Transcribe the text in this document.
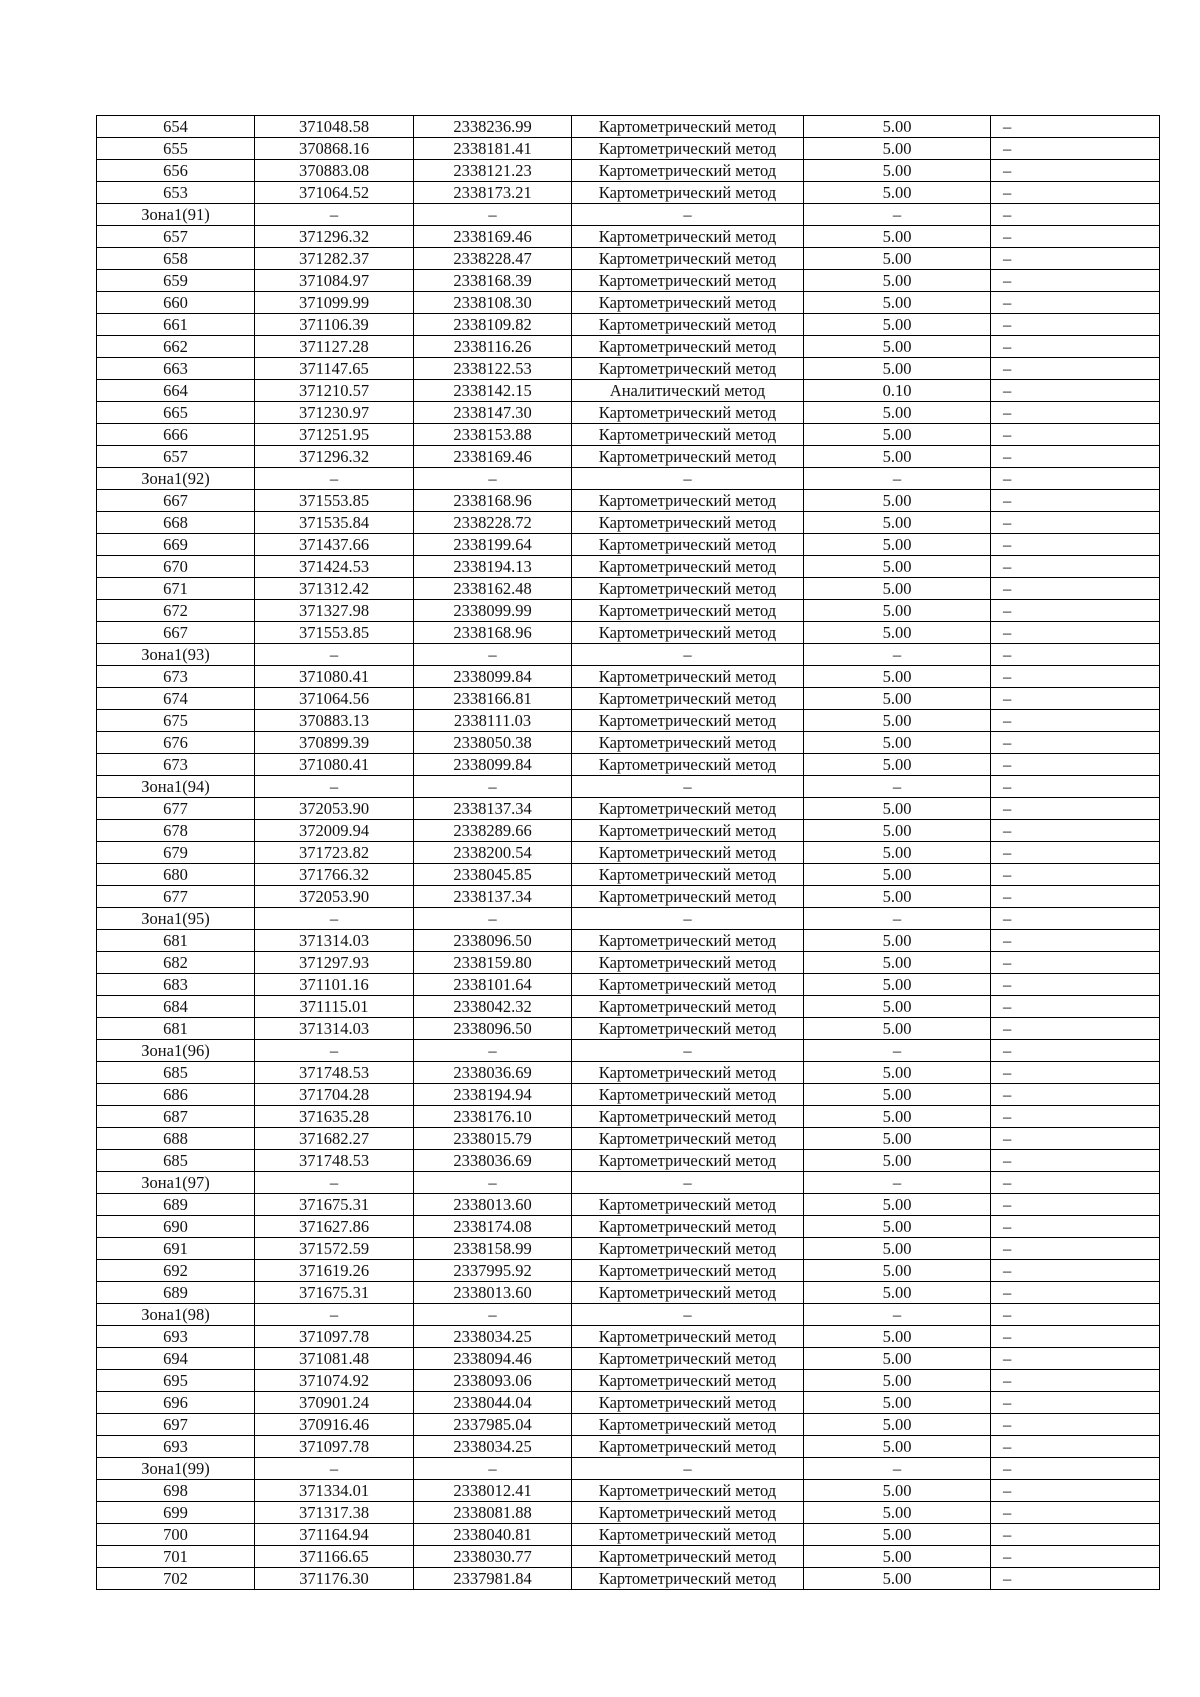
654	371048.58	2338236.99	Картометрический метод	5.00	–
655	370868.16	2338181.41	Картометрический метод	5.00	–
656	370883.08	2338121.23	Картометрический метод	5.00	–
653	371064.52	2338173.21	Картометрический метод	5.00	–
Зона1(91)	–	–	–	–	–
657	371296.32	2338169.46	Картометрический метод	5.00	–
658	371282.37	2338228.47	Картометрический метод	5.00	–
659	371084.97	2338168.39	Картометрический метод	5.00	–
660	371099.99	2338108.30	Картометрический метод	5.00	–
661	371106.39	2338109.82	Картометрический метод	5.00	–
662	371127.28	2338116.26	Картометрический метод	5.00	–
663	371147.65	2338122.53	Картометрический метод	5.00	–
664	371210.57	2338142.15	Аналитический метод	0.10	–
665	371230.97	2338147.30	Картометрический метод	5.00	–
666	371251.95	2338153.88	Картометрический метод	5.00	–
657	371296.32	2338169.46	Картометрический метод	5.00	–
Зона1(92)	–	–	–	–	–
667	371553.85	2338168.96	Картометрический метод	5.00	–
668	371535.84	2338228.72	Картометрический метод	5.00	–
669	371437.66	2338199.64	Картометрический метод	5.00	–
670	371424.53	2338194.13	Картометрический метод	5.00	–
671	371312.42	2338162.48	Картометрический метод	5.00	–
672	371327.98	2338099.99	Картометрический метод	5.00	–
667	371553.85	2338168.96	Картометрический метод	5.00	–
Зона1(93)	–	–	–	–	–
673	371080.41	2338099.84	Картометрический метод	5.00	–
674	371064.56	2338166.81	Картометрический метод	5.00	–
675	370883.13	2338111.03	Картометрический метод	5.00	–
676	370899.39	2338050.38	Картометрический метод	5.00	–
673	371080.41	2338099.84	Картометрический метод	5.00	–
Зона1(94)	–	–	–	–	–
677	372053.90	2338137.34	Картометрический метод	5.00	–
678	372009.94	2338289.66	Картометрический метод	5.00	–
679	371723.82	2338200.54	Картометрический метод	5.00	–
680	371766.32	2338045.85	Картометрический метод	5.00	–
677	372053.90	2338137.34	Картометрический метод	5.00	–
Зона1(95)	–	–	–	–	–
681	371314.03	2338096.50	Картометрический метод	5.00	–
682	371297.93	2338159.80	Картометрический метод	5.00	–
683	371101.16	2338101.64	Картометрический метод	5.00	–
684	371115.01	2338042.32	Картометрический метод	5.00	–
681	371314.03	2338096.50	Картометрический метод	5.00	–
Зона1(96)	–	–	–	–	–
685	371748.53	2338036.69	Картометрический метод	5.00	–
686	371704.28	2338194.94	Картометрический метод	5.00	–
687	371635.28	2338176.10	Картометрический метод	5.00	–
688	371682.27	2338015.79	Картометрический метод	5.00	–
685	371748.53	2338036.69	Картометрический метод	5.00	–
Зона1(97)	–	–	–	–	–
689	371675.31	2338013.60	Картометрический метод	5.00	–
690	371627.86	2338174.08	Картометрический метод	5.00	–
691	371572.59	2338158.99	Картометрический метод	5.00	–
692	371619.26	2337995.92	Картометрический метод	5.00	–
689	371675.31	2338013.60	Картометрический метод	5.00	–
Зона1(98)	–	–	–	–	–
693	371097.78	2338034.25	Картометрический метод	5.00	–
694	371081.48	2338094.46	Картометрический метод	5.00	–
695	371074.92	2338093.06	Картометрический метод	5.00	–
696	370901.24	2338044.04	Картометрический метод	5.00	–
697	370916.46	2337985.04	Картометрический метод	5.00	–
693	371097.78	2338034.25	Картометрический метод	5.00	–
Зона1(99)	–	–	–	–	–
698	371334.01	2338012.41	Картометрический метод	5.00	–
699	371317.38	2338081.88	Картометрический метод	5.00	–
700	371164.94	2338040.81	Картометрический метод	5.00	–
701	371166.65	2338030.77	Картометрический метод	5.00	–
702	371176.30	2337981.84	Картометрический метод	5.00	–
